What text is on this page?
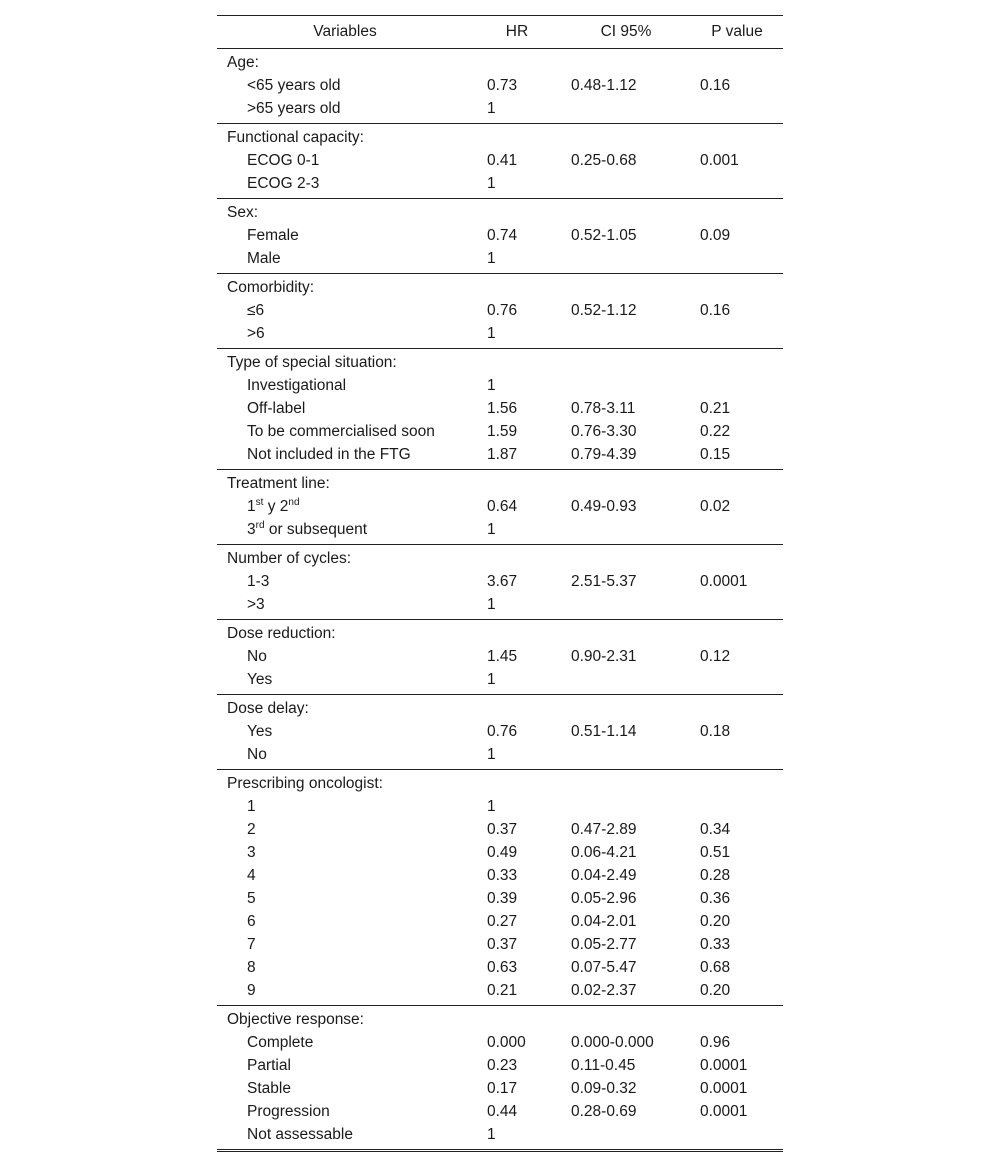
Variables	HR	CI 95%	P value
Age:
<65 years old	0.73	0.48-1.12	0.16
>65 years old	1
Functional capacity:
ECOG 0-1	0.41	0.25-0.68	0.001
ECOG 2-3	1
Sex:
Female	0.74	0.52-1.05	0.09
Male	1
Comorbidity:
≤6	0.76	0.52-1.12	0.16
>6	1
Type of special situation:
Investigational	1
Off-label	1.56	0.78-3.11	0.21
To be commercialised soon	1.59	0.76-3.30	0.22
Not included in the FTG	1.87	0.79-4.39	0.15
Treatment line:
1st y 2nd	0.64	0.49-0.93	0.02
3rd or subsequent	1
Number of cycles:
1-3	3.67	2.51-5.37	0.0001
>3	1
Dose reduction:
No	1.45	0.90-2.31	0.12
Yes	1
Dose delay:
Yes	0.76	0.51-1.14	0.18
No	1
Prescribing oncologist:
1	1
2	0.37	0.47-2.89	0.34
3	0.49	0.06-4.21	0.51
4	0.33	0.04-2.49	0.28
5	0.39	0.05-2.96	0.36
6	0.27	0.04-2.01	0.20
7	0.37	0.05-2.77	0.33
8	0.63	0.07-5.47	0.68
9	0.21	0.02-2.37	0.20
Objective response:
Complete	0.000	0.000-0.000	0.96
Partial	0.23	0.11-0.45	0.0001
Stable	0.17	0.09-0.32	0.0001
Progression	0.44	0.28-0.69	0.0001
Not assessable	1
